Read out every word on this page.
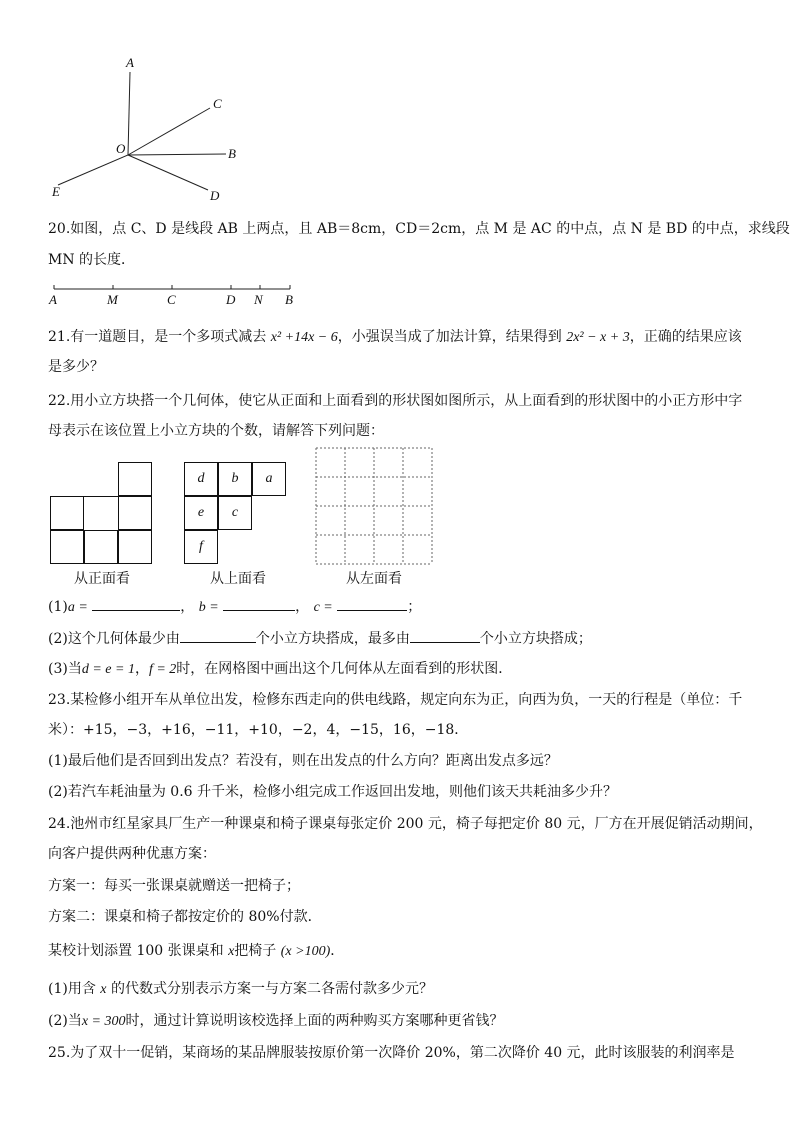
A
C
O	B
E	D
20.如图，点 C、D 是线段 AB 上两点，且 AB＝8cm，CD＝2cm，点 M 是 AC 的中点，点 N 是 BD 的中点，求线段
MN 的长度．
A	M	C	D N B
21.有一道题目，是一个多项式减去 x² +14x − 6，小强误当成了加法计算，结果得到 2x² − x + 3，正确的结果应该
是多少？
22.用小立方块搭一个几何体，使它从正面和上面看到的形状图如图所示，从上面看到的形状图中的小正方形中字
母表示在该位置上小立方块的个数，请解答下列问题：
d	b	a
e	c
f
从正面看	从上面看	从左面看
(1)a =	， b =	， c =	；
(2)这个几何体最少由	个小立方块搭成，最多由	个小立方块搭成；
(3)当d = e = 1，f = 2时，在网格图中画出这个几何体从左面看到的形状图．
23.某检修小组开车从单位出发，检修东西走向的供电线路，规定向东为正，向西为负，一天的行程是（单位：千
米）：+15，−3，+16，−11，+10，−2，4，−15，16，−18．
(1)最后他们是否回到出发点？若没有，则在出发点的什么方向？距离出发点多远？
(2)若汽车耗油量为 0.6 升千米，检修小组完成工作返回出发地，则他们该天共耗油多少升？
24.池州市红星家具厂生产一种课桌和椅子课桌每张定价 200 元，椅子每把定价 80 元，厂方在开展促销活动期间，
向客户提供两种优惠方案：
方案一：每买一张课桌就赠送一把椅子；
方案二：课桌和椅子都按定价的 80%付款．
某校计划添置 100 张课桌和 x把椅子 (x >100)．
(1)用含 x 的代数式分别表示方案一与方案二各需付款多少元？
(2)当x = 300时，通过计算说明该校选择上面的两种购买方案哪种更省钱？
25.为了双十一促销，某商场的某品牌服装按原价第一次降价 20%，第二次降价 40 元，此时该服装的利润率是
